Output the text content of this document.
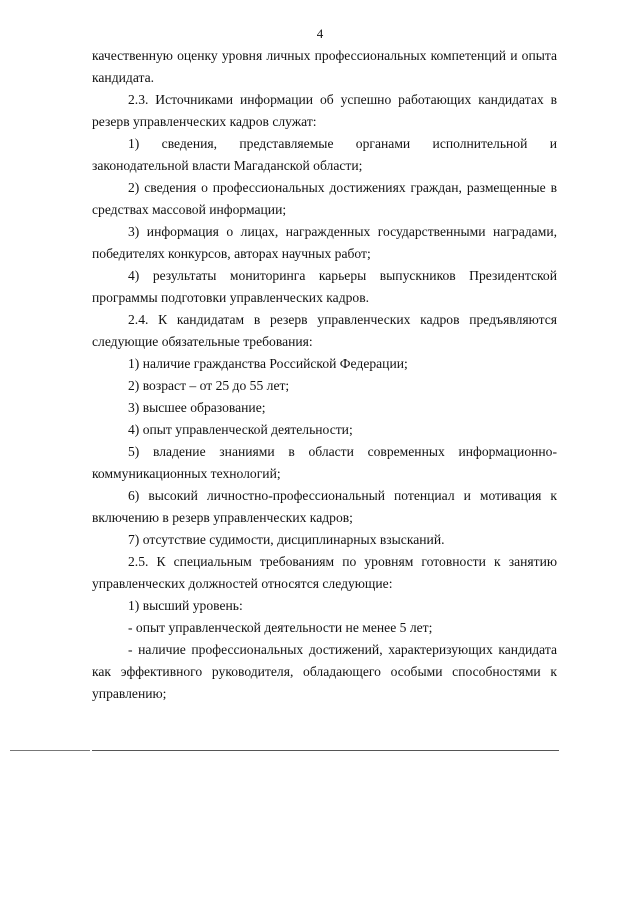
4

качественную оценку уровня личных профессиональных компетенций и опыта кандидата.

2.3. Источниками информации об успешно работающих кандидатах в резерв управленческих кадров служат:

1) сведения, представляемые органами исполнительной и законодательной власти Магаданской области;

2) сведения о профессиональных достижениях граждан, размещенные в средствах массовой информации;

3) информация о лицах, награжденных государственными наградами, победителях конкурсов, авторах научных работ;

4) результаты мониторинга карьеры выпускников Президентской программы подготовки управленческих кадров.

2.4. К кандидатам в резерв управленческих кадров предъявляются следующие обязательные требования:

1) наличие гражданства Российской Федерации;

2) возраст – от 25 до 55 лет;

3) высшее образование;

4) опыт управленческой деятельности;

5) владение знаниями в области современных информационно-коммуникационных технологий;

6) высокий личностно-профессиональный потенциал и мотивация к включению в резерв управленческих кадров;

7) отсутствие судимости, дисциплинарных взысканий.

2.5. К специальным требованиям по уровням готовности к занятию управленческих должностей относятся следующие:

1) высший уровень:

- опыт управленческой деятельности не менее 5 лет;

- наличие профессиональных достижений, характеризующих кандидата как эффективного руководителя, обладающего особыми способностями к управлению;
